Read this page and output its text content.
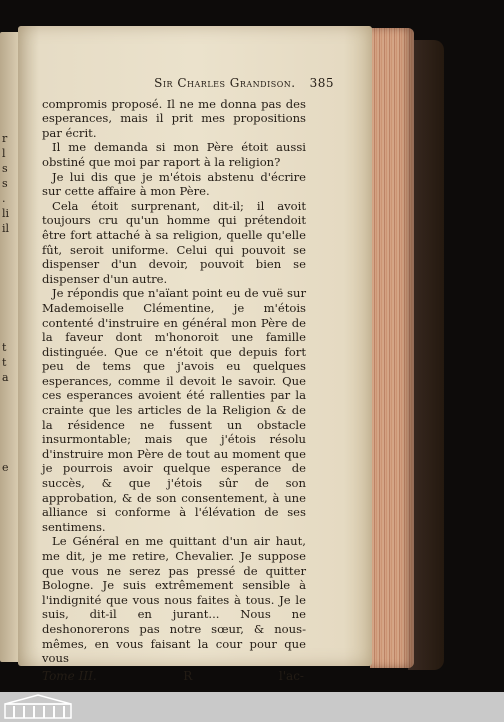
r
l
s
s
.
li
il

t
t
a

e
Sir Charles Grandison. 385

compromis proposé. Il ne me donna pas des esperances, mais il prit mes propositions par écrit.

Il me demanda si mon Père étoit aussi obstiné que moi par raport à la religion?

Je lui dis que je m'étois abstenu d'écrire sur cette affaire à mon Père.

Cela étoit surprenant, dit-il; il avoit toujours cru qu'un homme qui prétendoit être fort attaché à sa religion, quelle qu'elle fût, seroit uniforme. Celui qui pouvoit se dispenser d'un devoir, pouvoit bien se dispenser d'un autre.

Je répondis que n'aïant point eu de vuë sur Mademoiselle Clémentine, je m'étois contenté d'instruire en général mon Père de la faveur dont m'honoroit une famille distinguée. Que ce n'étoit que depuis fort peu de tems que j'avois eu quelques esperances, comme il devoit le savoir. Que ces esperances avoient été rallenties par la crainte que les articles de la Religion & de la résidence ne fussent un obstacle insurmontable; mais que j'étois résolu d'instruire mon Père de tout au moment que je pourrois avoir quelque esperance de succès, & que j'étois sûr de son approbation, & de son consentement, à une alliance si conforme à l'élévation de ses sentimens.

Le Général en me quittant d'un air haut, me dit, je me retire, Chevalier. Je suppose que vous ne serez pas pressé de quitter Bologne. Je suis extrêmement sensible à l'indignité que vous nous faites à tous. Je le suis, dit-il en jurant... Nous ne deshonorerons pas notre sœur, & nous-mêmes, en vous faisant la cour pour que vous

Tome III.	R	l'ac-
